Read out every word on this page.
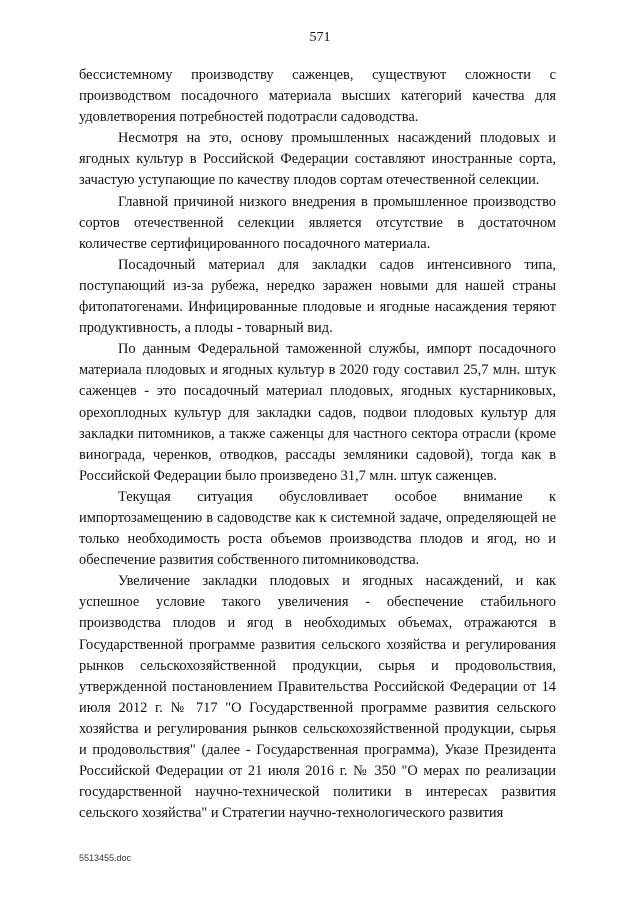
571

бессистемному производству саженцев, существуют сложности с производством посадочного материала высших категорий качества для удовлетворения потребностей подотрасли садоводства.

Несмотря на это, основу промышленных насаждений плодовых и ягодных культур в Российской Федерации составляют иностранные сорта, зачастую уступающие по качеству плодов сортам отечественной селекции.

Главной причиной низкого внедрения в промышленное производство сортов отечественной селекции является отсутствие в достаточном количестве сертифицированного посадочного материала.

Посадочный материал для закладки садов интенсивного типа, поступающий из-за рубежа, нередко заражен новыми для нашей страны фитопатогенами. Инфицированные плодовые и ягодные насаждения теряют продуктивность, а плоды - товарный вид.

По данным Федеральной таможенной службы, импорт посадочного материала плодовых и ягодных культур в 2020 году составил 25,7 млн. штук саженцев - это посадочный материал плодовых, ягодных кустарниковых, орехоплодных культур для закладки садов, подвои плодовых культур для закладки питомников, а также саженцы для частного сектора отрасли (кроме винограда, черенков, отводков, рассады земляники садовой), тогда как в Российской Федерации было произведено 31,7 млн. штук саженцев.

Текущая ситуация обусловливает особое внимание к импортозамещению в садоводстве как к системной задаче, определяющей не только необходимость роста объемов производства плодов и ягод, но и обеспечение развития собственного питомниководства.

Увеличение закладки плодовых и ягодных насаждений, и как успешное условие такого увеличения - обеспечение стабильного производства плодов и ягод в необходимых объемах, отражаются в Государственной программе развития сельского хозяйства и регулирования рынков сельскохозяйственной продукции, сырья и продовольствия, утвержденной постановлением Правительства Российской Федерации от 14 июля 2012 г. № 717 "О Государственной программе развития сельского хозяйства и регулирования рынков сельскохозяйственной продукции, сырья и продовольствия" (далее - Государственная программа), Указе Президента Российской Федерации от 21 июля 2016 г. № 350 "О мерах по реализации государственной научно-технической политики в интересах развития сельского хозяйства" и Стратегии научно-технологического развития

5513455.doc
